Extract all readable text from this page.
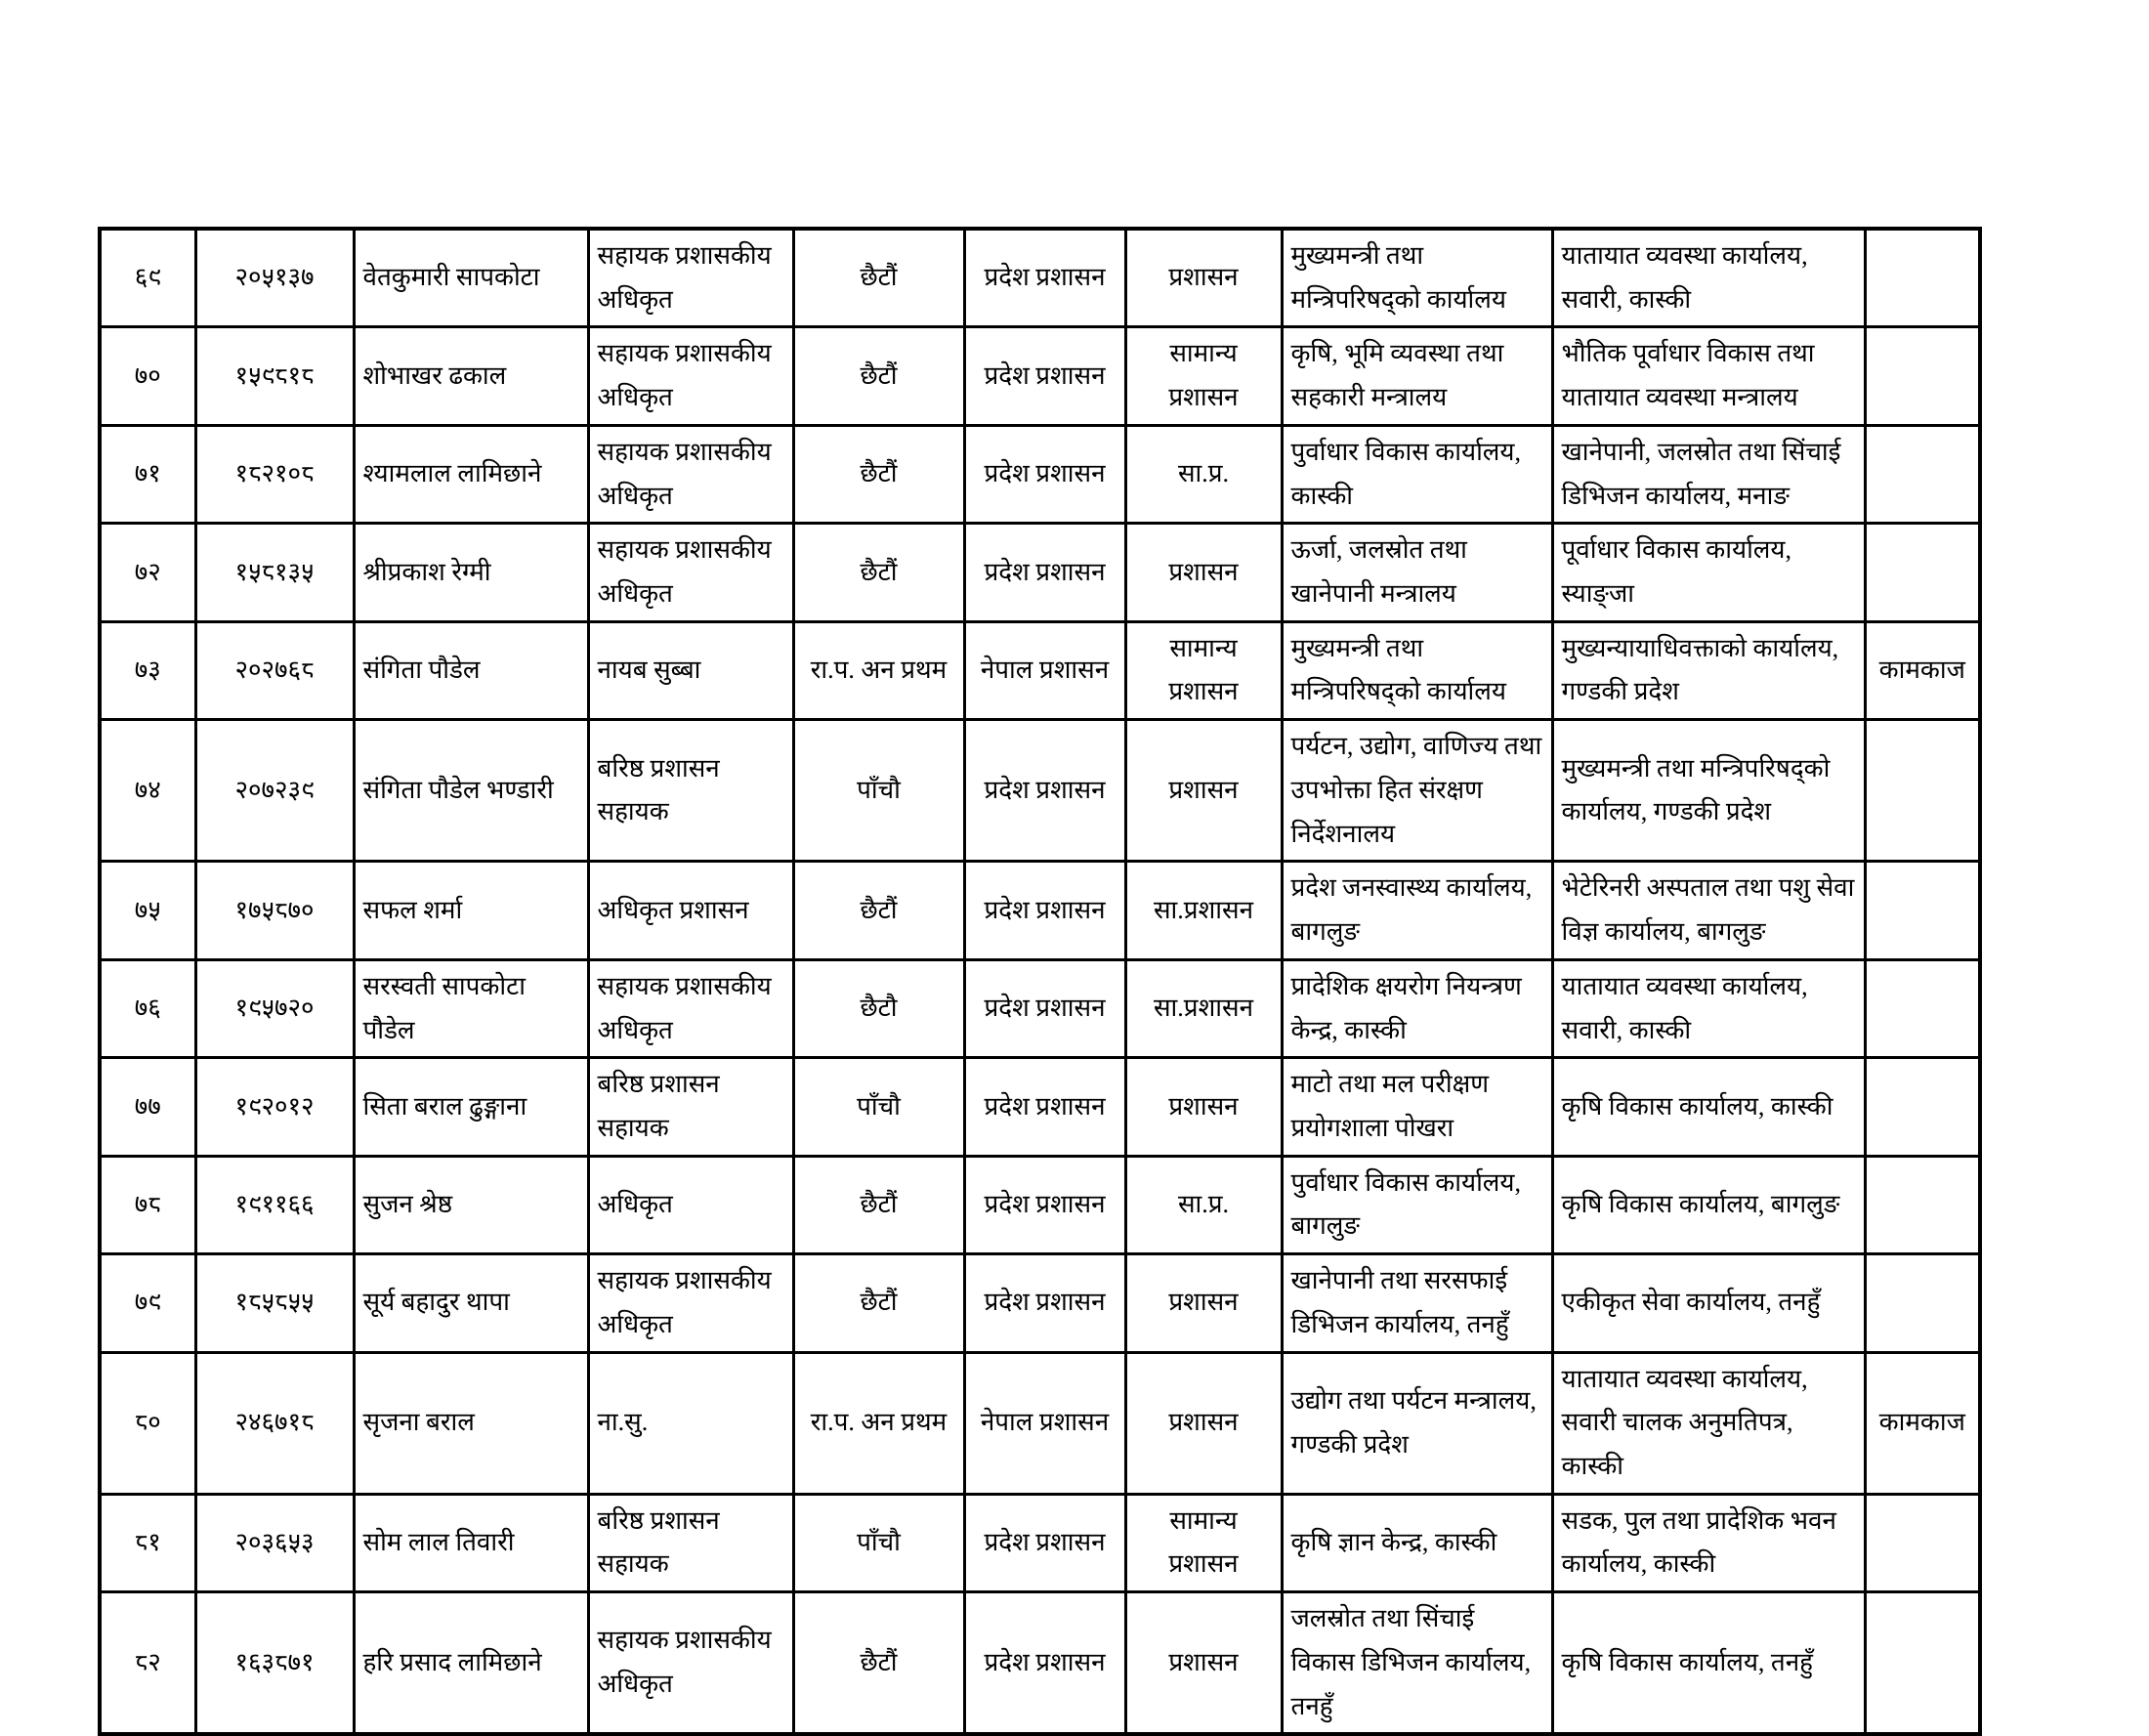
६९	२०५१३७	वेतकुमारी सापकोटा	सहायक प्रशासकीय अधिकृत	छैटौं	प्रदेश प्रशासन	प्रशासन	मुख्यमन्त्री तथा मन्त्रिपरिषद्को कार्यालय	यातायात व्यवस्था कार्यालय, सवारी, कास्की	
७०	१५९८१८	शोभाखर ढकाल	सहायक प्रशासकीय अधिकृत	छैटौं	प्रदेश प्रशासन	सामान्य प्रशासन	कृषि, भूमि व्यवस्था तथा सहकारी मन्त्रालय	भौतिक पूर्वाधार विकास तथा यातायात व्यवस्था मन्त्रालय	
७१	१८२१०८	श्यामलाल लामिछाने	सहायक प्रशासकीय अधिकृत	छैटौं	प्रदेश प्रशासन	सा.प्र.	पुर्वाधार विकास कार्यालय, कास्की	खानेपानी, जलस्रोत तथा सिंचाई डिभिजन कार्यालय, मनाङ	
७२	१५८१३५	श्रीप्रकाश रेग्मी	सहायक प्रशासकीय अधिकृत	छैटौं	प्रदेश प्रशासन	प्रशासन	ऊर्जा, जलस्रोत तथा खानेपानी मन्त्रालय	पूर्वाधार विकास कार्यालय, स्याङ्जा	
७३	२०२७६८	संगिता पौडेल	नायब सुब्बा	रा.प. अन प्रथम	नेपाल प्रशासन	सामान्य प्रशासन	मुख्यमन्त्री तथा मन्त्रिपरिषद्को कार्यालय	मुख्यन्यायाधिवक्ताको कार्यालय, गण्डकी प्रदेश	कामकाज
७४	२०७२३९	संगिता पौडेल भण्डारी	बरिष्ठ प्रशासन सहायक	पाँचौ	प्रदेश प्रशासन	प्रशासन	पर्यटन, उद्योग, वाणिज्य तथा उपभोक्ता हित संरक्षण निर्देशनालय	मुख्यमन्त्री तथा मन्त्रिपरिषद्को कार्यालय, गण्डकी प्रदेश	
७५	१७५८७०	सफल शर्मा	अधिकृत प्रशासन	छैटौं	प्रदेश प्रशासन	सा.प्रशासन	प्रदेश जनस्वास्थ्य कार्यालय, बागलुङ	भेटेरिनरी अस्पताल तथा पशु सेवा विज्ञ कार्यालय, बागलुङ	
७६	१९५७२०	सरस्वती सापकोटा पौडेल	सहायक प्रशासकीय अधिकृत	छैटौ	प्रदेश प्रशासन	सा.प्रशासन	प्रादेशिक क्षयरोग नियन्त्रण केन्द्र, कास्की	यातायात व्यवस्था कार्यालय, सवारी, कास्की	
७७	१९२०१२	सिता बराल ढुङ्गाना	बरिष्ठ प्रशासन सहायक	पाँचौ	प्रदेश प्रशासन	प्रशासन	माटो तथा मल परीक्षण प्रयोगशाला पोखरा	कृषि विकास कार्यालय, कास्की	
७८	१९११६६	सुजन श्रेष्ठ	अधिकृत	छैटौं	प्रदेश प्रशासन	सा.प्र.	पुर्वाधार विकास कार्यालय, बागलुङ	कृषि विकास कार्यालय, बागलुङ	
७९	१८५८५५	सूर्य बहादुर थापा	सहायक प्रशासकीय अधिकृत	छैटौं	प्रदेश प्रशासन	प्रशासन	खानेपानी तथा सरसफाई डिभिजन कार्यालय, तनहुँ	एकीकृत सेवा कार्यालय, तनहुँ	
८०	२४६७१८	सृजना बराल	ना.सु.	रा.प. अन प्रथम	नेपाल प्रशासन	प्रशासन	उद्योग तथा पर्यटन मन्त्रालय, गण्डकी प्रदेश	यातायात व्यवस्था कार्यालय, सवारी चालक अनुमतिपत्र, कास्की	कामकाज
८१	२०३६५३	सोम लाल तिवारी	बरिष्ठ प्रशासन सहायक	पाँचौ	प्रदेश प्रशासन	सामान्य प्रशासन	कृषि ज्ञान केन्द्र, कास्की	सडक, पुल तथा प्रादेशिक भवन कार्यालय, कास्की	
८२	१६३८७१	हरि प्रसाद लामिछाने	सहायक प्रशासकीय अधिकृत	छैटौं	प्रदेश प्रशासन	प्रशासन	जलस्रोत तथा सिंचाई विकास डिभिजन कार्यालय, तनहुँ	कृषि विकास कार्यालय, तनहुँ	
